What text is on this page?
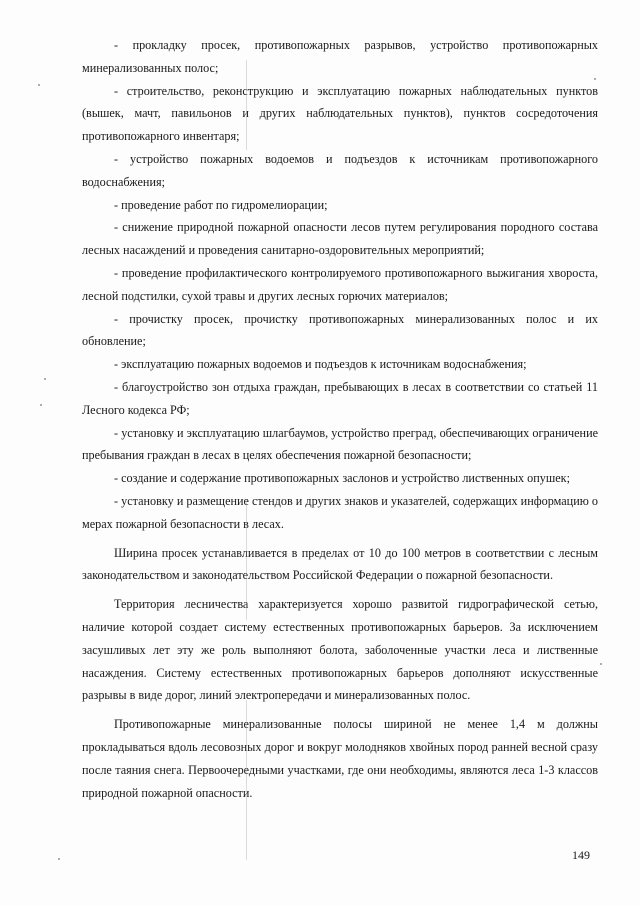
- прокладку просек, противопожарных разрывов, устройство противопожарных минерализованных полос;

- строительство, реконструкцию и эксплуатацию пожарных наблюдательных пунктов (вышек, мачт, павильонов и других наблюдательных пунктов), пунктов сосредоточения противопожарного инвентаря;

- устройство пожарных водоемов и подъездов к источникам противопожарного водоснабжения;

- проведение работ по гидромелиорации;

- снижение природной пожарной опасности лесов путем регулирования породного состава лесных насаждений и проведения санитарно-оздоровительных мероприятий;

- проведение профилактического контролируемого противопожарного выжигания хвороста, лесной подстилки, сухой травы и других лесных горючих материалов;

- прочистку просек, прочистку противопожарных минерализованных полос и их обновление;

- эксплуатацию пожарных водоемов и подъездов к источникам водоснабжения;

- благоустройство зон отдыха граждан, пребывающих в лесах в соответствии со статьей 11 Лесного кодекса РФ;

- установку и эксплуатацию шлагбаумов, устройство преград, обеспечивающих ограничение пребывания граждан в лесах в целях обеспечения пожарной безопасности;

- создание и содержание противопожарных заслонов и устройство лиственных опушек;

- установку и размещение стендов и других знаков и указателей, содержащих информацию о мерах пожарной безопасности в лесах.

Ширина просек устанавливается в пределах от 10 до 100 метров в соответствии с лесным законодательством и законодательством Российской Федерации о пожарной безопасности.

Территория лесничества характеризуется хорошо развитой гидрографической сетью, наличие которой создает систему естественных противопожарных барьеров. За исключением засушливых лет эту же роль выполняют болота, заболоченные участки леса и лиственные насаждения. Систему естественных противопожарных барьеров дополняют искусственные разрывы в виде дорог, линий электропередачи и минерализованных полос.

Противопожарные минерализованные полосы шириной не менее 1,4 м должны прокладываться вдоль лесовозных дорог и вокруг молодняков хвойных пород ранней весной сразу после таяния снега. Первоочередными участками, где они необходимы, являются леса 1-3 классов природной пожарной опасности.

149
